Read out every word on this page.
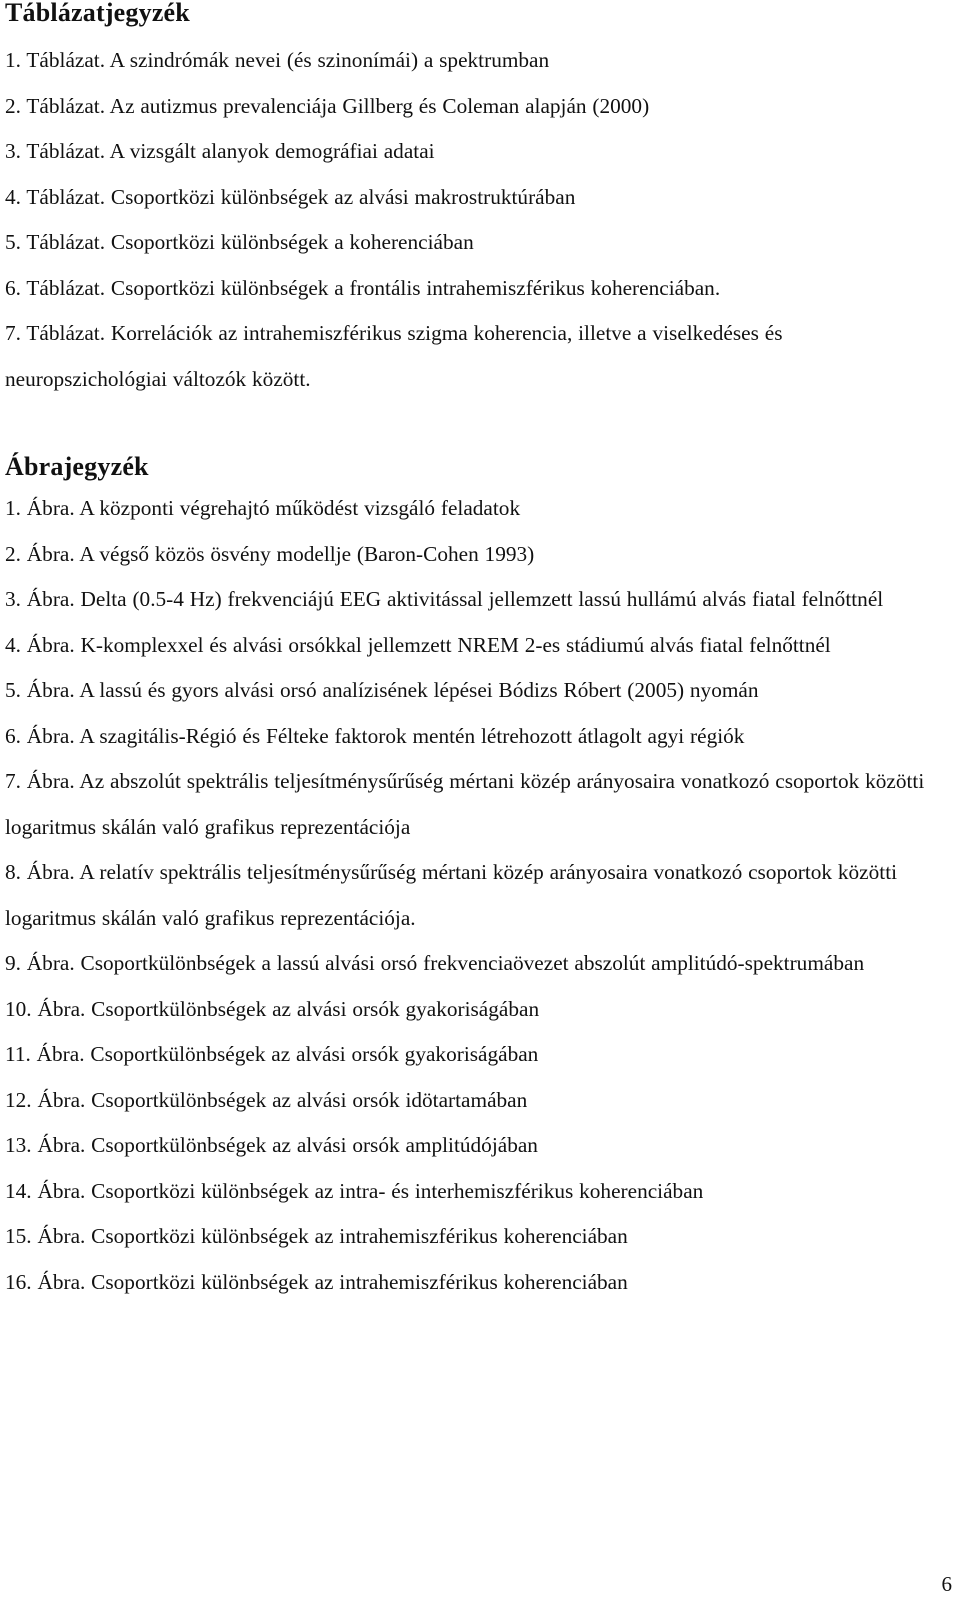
Táblázatjegyzék

1. Táblázat. A szindrómák nevei (és szinonímái) a spektrumban

2. Táblázat. Az autizmus prevalenciája Gillberg és Coleman alapján (2000)

3. Táblázat. A vizsgált alanyok demográfiai adatai

4. Táblázat. Csoportközi különbségek az alvási makrostruktúrában

5. Táblázat. Csoportközi különbségek a koherenciában

6. Táblázat. Csoportközi különbségek a frontális intrahemiszférikus koherenciában.

7. Táblázat. Korrelációk az intrahemiszférikus szigma koherencia, illetve a viselkedéses és neuropszichológiai változók között.

Ábrajegyzék

1. Ábra. A központi végrehajtó működést vizsgáló feladatok

2. Ábra. A végső közös ösvény modellje (Baron-Cohen 1993)

3. Ábra. Delta (0.5-4 Hz) frekvenciájú EEG aktivitással jellemzett lassú hullámú alvás fiatal felnőttnél

4. Ábra. K-komplexxel és alvási orsókkal jellemzett NREM 2-es stádiumú alvás fiatal felnőttnél

5. Ábra. A lassú és gyors alvási orsó analízisének lépései Bódizs Róbert (2005) nyomán

6. Ábra. A szagitális-Régió és Félteke faktorok mentén létrehozott átlagolt agyi régiók

7. Ábra. Az abszolút spektrális teljesítménysűrűség mértani közép arányosaira vonatkozó csoportok közötti logaritmus skálán való grafikus reprezentációja

8. Ábra. A relatív spektrális teljesítménysűrűség mértani közép arányosaira vonatkozó csoportok közötti logaritmus skálán való grafikus reprezentációja.

9. Ábra. Csoportkülönbségek a lassú alvási orsó frekvenciaövezet abszolút amplitúdó-spektrumában

10. Ábra. Csoportkülönbségek az alvási orsók gyakoriságában

11. Ábra. Csoportkülönbségek az alvási orsók gyakoriságában

12. Ábra. Csoportkülönbségek az alvási orsók idötartamában

13. Ábra. Csoportkülönbségek az alvási orsók amplitúdójában

14. Ábra. Csoportközi különbségek az intra- és interhemiszférikus koherenciában

15. Ábra. Csoportközi különbségek az intrahemiszférikus koherenciában

16. Ábra. Csoportközi különbségek az intrahemiszférikus koherenciában

6
